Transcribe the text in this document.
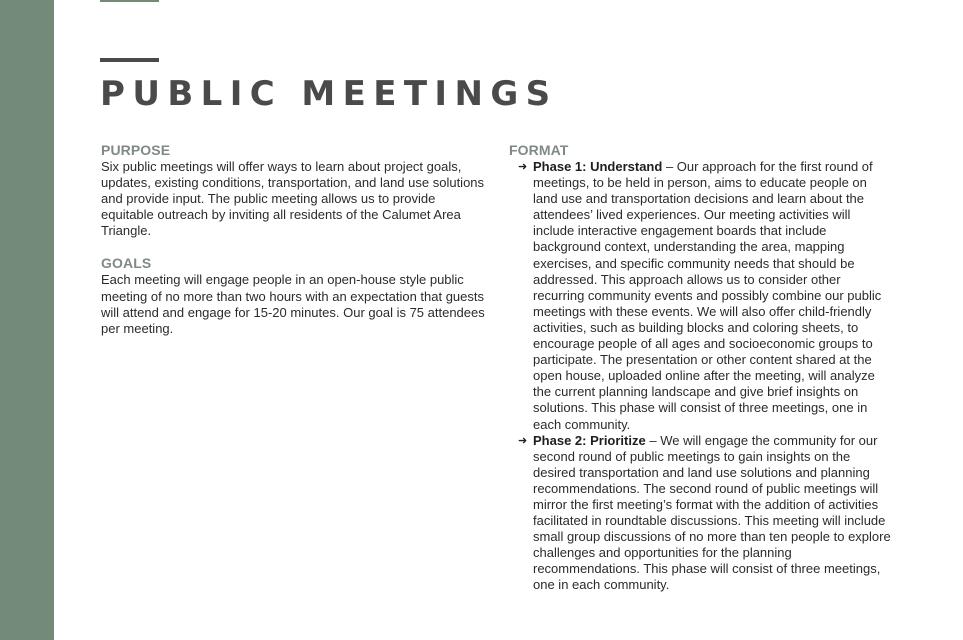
PUBLIC MEETINGS
PURPOSE

Six public meetings will offer ways to learn about project goals, updates, existing conditions, transportation, and land use solutions and provide input. The public meeting allows us to provide equitable outreach by inviting all residents of the Calumet Area Triangle.

GOALS

Each meeting will engage people in an open-house style public meeting of no more than two hours with an expectation that guests will attend and engage for 15-20 minutes. Our goal is 75 attendees per meeting.

FORMAT
➜ Phase 1: Understand – Our approach for the first round of meetings, to be held in person, aims to educate people on land use and transportation decisions and learn about the attendees’ lived experiences. Our meeting activities will include interactive engagement boards that include background context, understanding the area, mapping exercises, and specific community needs that should be addressed. This approach allows us to consider other recurring community events and possibly combine our public meetings with these events. We will also offer child-friendly activities, such as building blocks and coloring sheets, to encourage people of all ages and socioeconomic groups to participate. The presentation or other content shared at the open house, uploaded online after the meeting, will analyze the current planning landscape and give brief insights on solutions. This phase will consist of three meetings, one in each community.
➜ Phase 2: Prioritize – We will engage the community for our second round of public meetings to gain insights on the desired transportation and land use solutions and planning recommendations. The second round of public meetings will mirror the first meeting’s format with the addition of activities facilitated in roundtable discussions. This meeting will include small group discussions of no more than ten people to explore challenges and opportunities for the planning recommendations. This phase will consist of three meetings, one in each community.
